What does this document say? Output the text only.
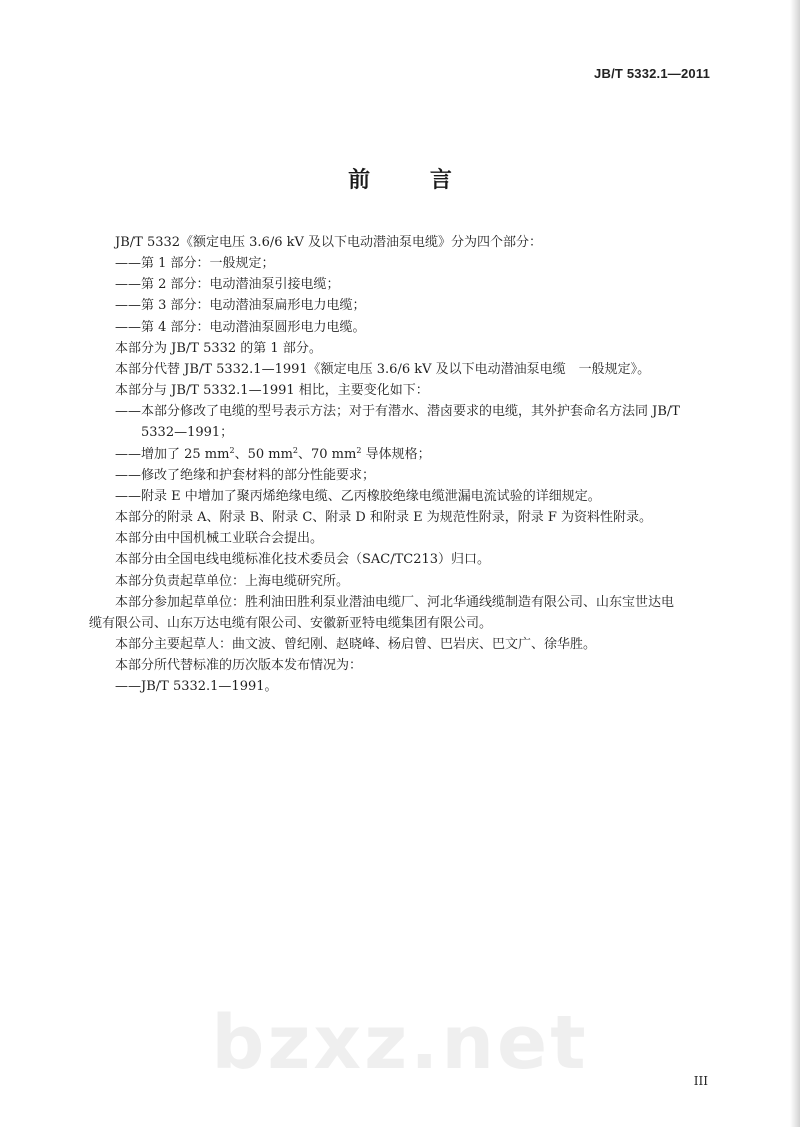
JB/T 5332.1—2011
前 言
JB/T 5332《额定电压 3.6/6 kV 及以下电动潜油泵电缆》分为四个部分：
——第 1 部分：一般规定；
——第 2 部分：电动潜油泵引接电缆；
——第 3 部分：电动潜油泵扁形电力电缆；
——第 4 部分：电动潜油泵圆形电力电缆。
本部分为 JB/T 5332 的第 1 部分。
本部分代替 JB/T 5332.1—1991《额定电压 3.6/6 kV 及以下电动潜油泵电缆　一般规定》。
本部分与 JB/T 5332.1—1991 相比，主要变化如下：
——本部分修改了电缆的型号表示方法；对于有潜水、潜卤要求的电缆，其外护套命名方法同 JB/T
5332—1991；
——增加了 25 $mm^2$、50 $mm^2$、70 $mm^2$ 导体规格；
——修改了绝缘和护套材料的部分性能要求；
——附录 E 中增加了聚丙烯绝缘电缆、乙丙橡胶绝缘电缆泄漏电流试验的详细规定。
本部分的附录 A、附录 B、附录 C、附录 D 和附录 E 为规范性附录，附录 F 为资料性附录。
本部分由中国机械工业联合会提出。
本部分由全国电线电缆标准化技术委员会（SAC/TC213）归口。
本部分负责起草单位：上海电缆研究所。
本部分参加起草单位：胜利油田胜利泵业潜油电缆厂、河北华通线缆制造有限公司、山东宝世达电
缆有限公司、山东万达电缆有限公司、安徽新亚特电缆集团有限公司。
本部分主要起草人：曲文波、曾纪刚、赵晓峰、杨启曾、巴岩庆、巴文广、徐华胜。
本部分所代替标准的历次版本发布情况为：
——JB/T 5332.1—1991。
bzxz.net	III
